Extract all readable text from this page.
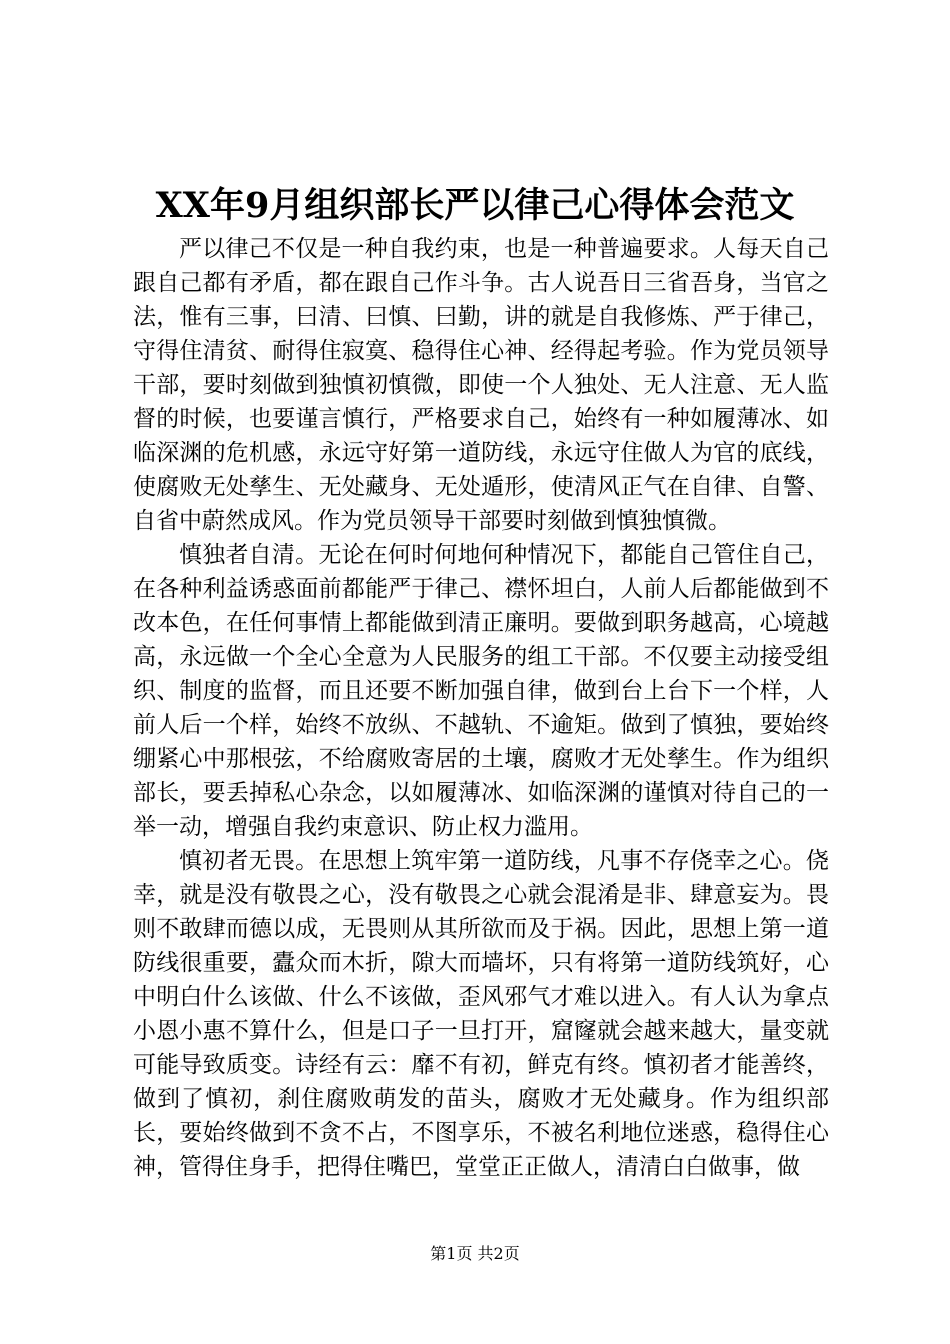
XX年9月组织部长严以律己心得体会范文

严以律己不仅是一种自我约束，也是一种普遍要求。人每天自己跟自己都有矛盾，都在跟自己作斗争。古人说吾日三省吾身，当官之法，惟有三事，曰清、曰慎、曰勤，讲的就是自我修炼、严于律己，守得住清贫、耐得住寂寞、稳得住心神、经得起考验。作为党员领导干部，要时刻做到独慎初慎微，即使一个人独处、无人注意、无人监督的时候，也要谨言慎行，严格要求自己，始终有一种如履薄冰、如临深渊的危机感，永远守好第一道防线，永远守住做人为官的底线，使腐败无处孳生、无处藏身、无处遁形，使清风正气在自律、自警、自省中蔚然成风。作为党员领导干部要时刻做到慎独慎微。

慎独者自清。无论在何时何地何种情况下，都能自己管住自己，在各种利益诱惑面前都能严于律己、襟怀坦白，人前人后都能做到不改本色，在任何事情上都能做到清正廉明。要做到职务越高，心境越高，永远做一个全心全意为人民服务的组工干部。不仅要主动接受组织、制度的监督，而且还要不断加强自律，做到台上台下一个样，人前人后一个样，始终不放纵、不越轨、不逾矩。做到了慎独，要始终绷紧心中那根弦，不给腐败寄居的土壤，腐败才无处孳生。作为组织部长，要丢掉私心杂念，以如履薄冰、如临深渊的谨慎对待自己的一举一动，增强自我约束意识、防止权力滥用。

慎初者无畏。在思想上筑牢第一道防线，凡事不存侥幸之心。侥幸，就是没有敬畏之心，没有敬畏之心就会混淆是非、肆意妄为。畏则不敢肆而德以成，无畏则从其所欲而及于祸。因此，思想上第一道防线很重要，蠹众而木折，隙大而墙坏，只有将第一道防线筑好，心中明白什么该做、什么不该做，歪风邪气才难以进入。有人认为拿点小恩小惠不算什么，但是口子一旦打开，窟窿就会越来越大，量变就可能导致质变。诗经有云：靡不有初，鲜克有终。慎初者才能善终，做到了慎初，刹住腐败萌发的苗头，腐败才无处藏身。作为组织部长，要始终做到不贪不占，不图享乐，不被名利地位迷惑，稳得住心神，管得住身手，把得住嘴巴，堂堂正正做人，清清白白做事，做

第1页 共2页
